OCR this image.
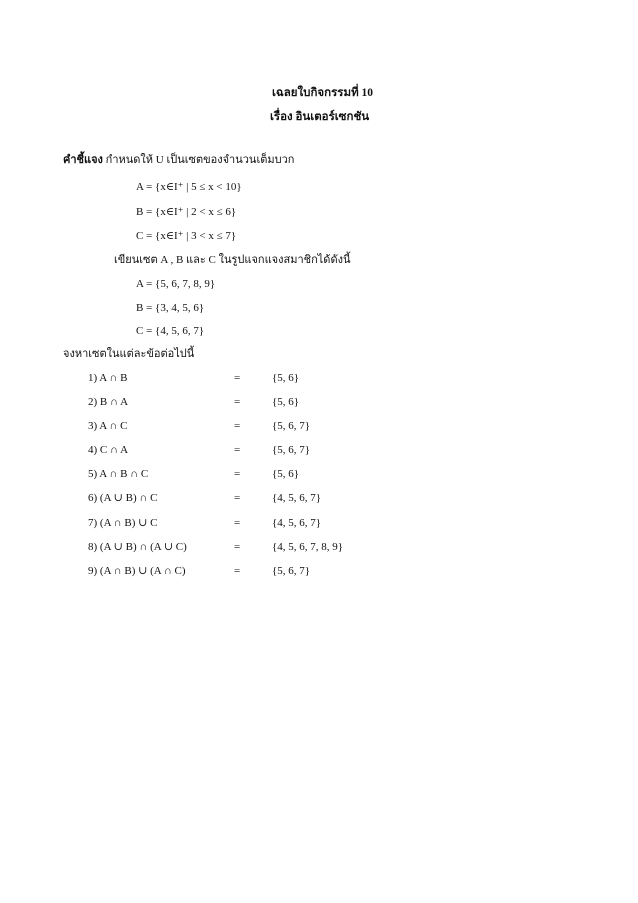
เฉลยใบกิจกรรมที่ 10
เรื่อง อินเตอร์เซกชัน
คำชี้แจง กำหนดให้ U เป็นเซตของจำนวนเต็มบวก
A = {x∈I⁺ | 5 ≤ x < 10}
B = {x∈I⁺ | 2 < x ≤ 6}
C = {x∈I⁺ | 3 < x ≤ 7}
เขียนเซต A , B และ C ในรูปแจกแจงสมาชิกได้ดังนี้
A = {5, 6, 7, 8, 9}
B = {3, 4, 5, 6}
C = {4, 5, 6, 7}
จงหาเซตในแต่ละข้อต่อไปนี้
1) A ∩ B	=	{5, 6}
2) B ∩ A	=	{5, 6}
3) A ∩ C	=	{5, 6, 7}
4) C ∩ A	=	{5, 6, 7}
5) A ∩ B ∩ C	=	{5, 6}
6) (A ∪ B) ∩ C	=	{4, 5, 6, 7}
7) (A ∩ B) ∪ C	=	{4, 5, 6, 7}
8) (A ∪ B) ∩ (A ∪ C)	=	{4, 5, 6, 7, 8, 9}
9) (A ∩ B) ∪ (A ∩ C)	=	{5, 6, 7}
